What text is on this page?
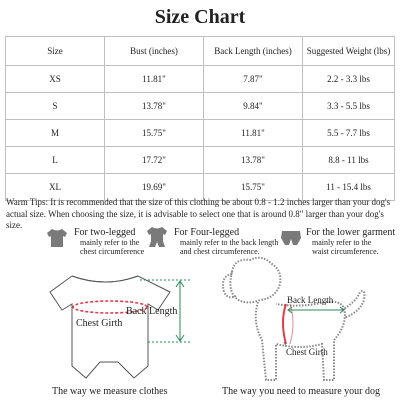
Size Chart
Size	Bust (inches)	Back Length (inches)	Suggested Weight (lbs)
XS	11.81"	7.87"	2.2 - 3.3 lbs
S	13.78"	9.84"	3.3 - 5.5 lbs
M	15.75"	11.81"	5.5 - 7.7 lbs
L	17.72"	13.78"	8.8 - 11 lbs
XL	19.69"	15.75"	11 - 15.4 lbs
Warm Tips: It is recommended that the size of this clothing be about 0.8 - 1.2 inches larger than your dog's actual size. When choosing the size, it is advisable to select one that is around 0.8" larger than your dog's size.
For two-legged
mainly refer to the
chest circumference
For Four-legged
mainly refer to the back length
and chest circumference.
For the lower garment
mainly refer to the
waist circumference.
Chest Girth
Back Length
Back Length
Chest Girth
The way we measure clothes	The way you need to measure your dog
